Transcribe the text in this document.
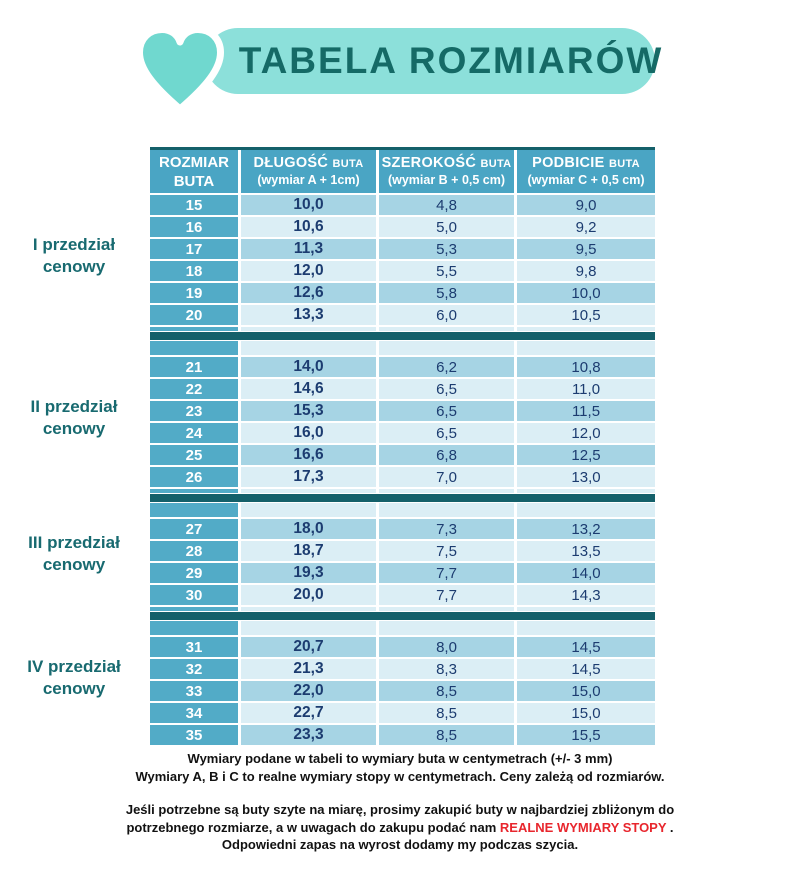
TABELA ROZMIARÓW
I przedział
cenowy
II przedział
cenowy
III przedział
cenowy
IV przedział
cenowy
ROZMIAR
BUTA
DŁUGOŚĆ BUTA
(wymiar A + 1cm)
SZEROKOŚĆ BUTA
(wymiar B + 0,5 cm)
PODBICIE BUTA
(wymiar C + 0,5 cm)
15	10,0	4,8	9,0
16	10,6	5,0	9,2
17	11,3	5,3	9,5
18	12,0	5,5	9,8
19	12,6	5,8	10,0
20	13,3	6,0	10,5
21	14,0	6,2	10,8
22	14,6	6,5	11,0
23	15,3	6,5	11,5
24	16,0	6,5	12,0
25	16,6	6,8	12,5
26	17,3	7,0	13,0
27	18,0	7,3	13,2
28	18,7	7,5	13,5
29	19,3	7,7	14,0
30	20,0	7,7	14,3
31	20,7	8,0	14,5
32	21,3	8,3	14,5
33	22,0	8,5	15,0
34	22,7	8,5	15,0
35	23,3	8,5	15,5
Wymiary podane w tabeli to wymiary buta w centymetrach (+/- 3 mm)
Wymiary A, B i C to realne wymiary stopy w centymetrach. Ceny zależą od rozmiarów.
Jeśli potrzebne są buty szyte na miarę, prosimy zakupić buty w najbardziej zbliżonym do
potrzebnego rozmiarze, a w uwagach do zakupu podać nam REALNE WYMIARY STOPY .
Odpowiedni zapas na wyrost dodamy my podczas szycia.
